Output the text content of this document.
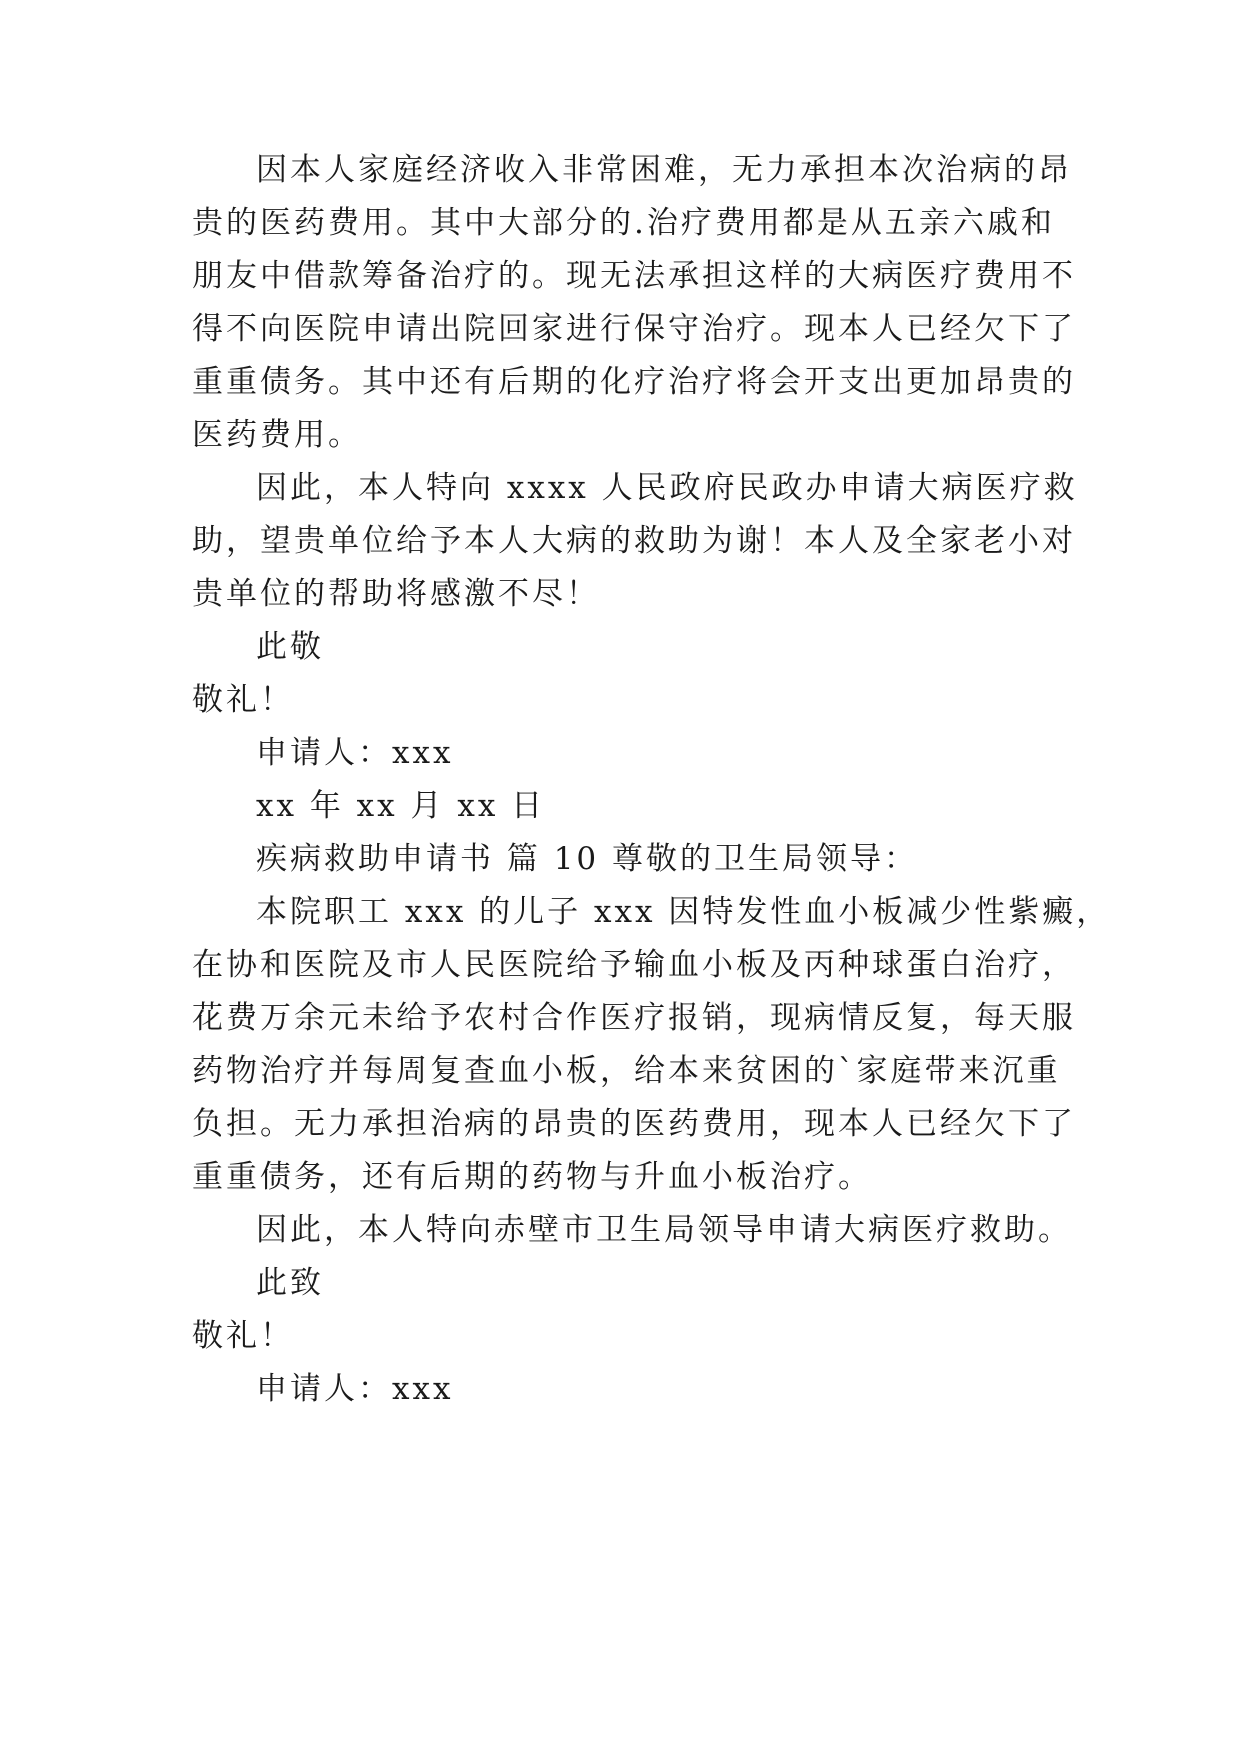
因本人家庭经济收入非常困难，无力承担本次治病的昂
贵的医药费用。其中大部分的.治疗费用都是从五亲六戚和
朋友中借款筹备治疗的。现无法承担这样的大病医疗费用不
得不向医院申请出院回家进行保守治疗。现本人已经欠下了
重重债务。其中还有后期的化疗治疗将会开支出更加昂贵的
医药费用。
因此，本人特向 xxxx 人民政府民政办申请大病医疗救
助，望贵单位给予本人大病的救助为谢！本人及全家老小对
贵单位的帮助将感激不尽！
此敬
敬礼！
申请人：xxx
xx 年 xx 月 xx 日
疾病救助申请书 篇 10 尊敬的卫生局领导：
本院职工 xxx 的儿子 xxx 因特发性血小板减少性紫癜，
在协和医院及市人民医院给予输血小板及丙种球蛋白治疗，
花费万余元未给予农村合作医疗报销，现病情反复，每天服
药物治疗并每周复查血小板，给本来贫困的`家庭带来沉重
负担。无力承担治病的昂贵的医药费用，现本人已经欠下了
重重债务，还有后期的药物与升血小板治疗。
因此，本人特向赤壁市卫生局领导申请大病医疗救助。
此致
敬礼！
申请人：xxx
